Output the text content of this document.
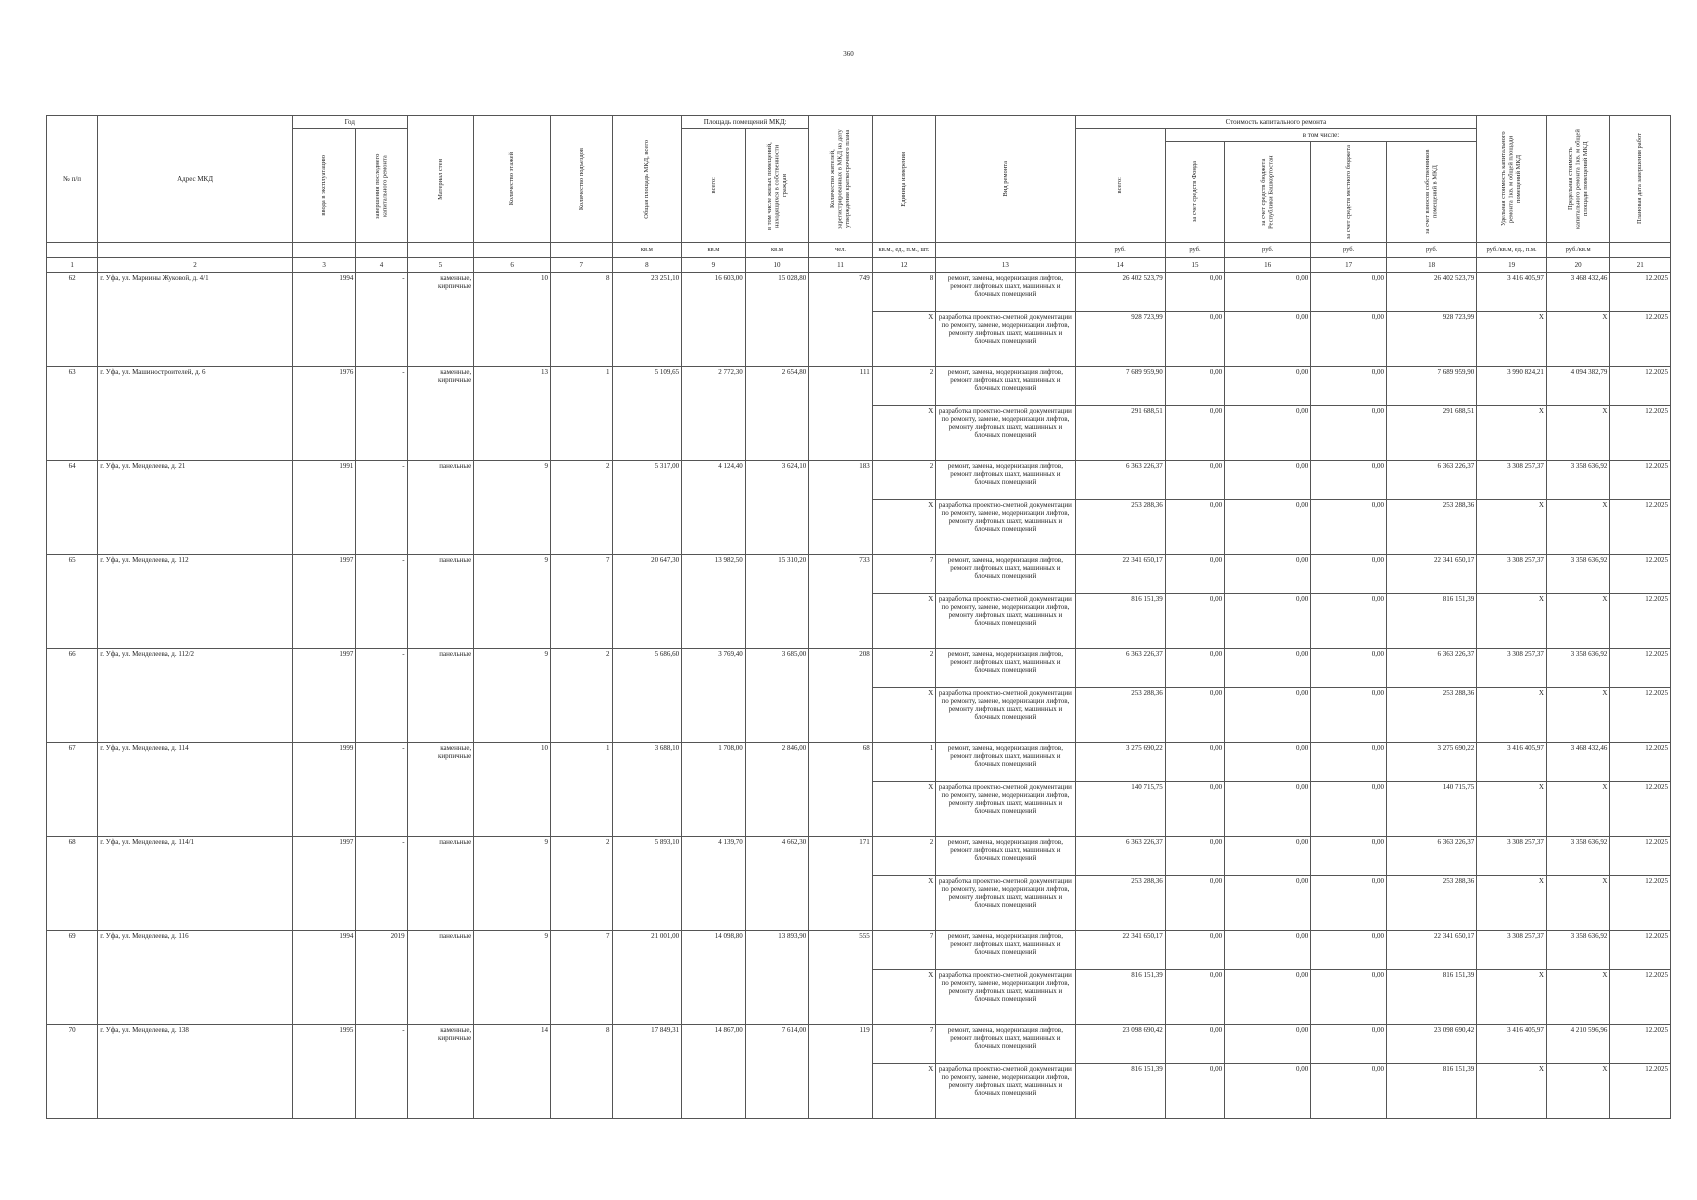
360
№ п/п	Адрес МКД	Год		Материал стен	Количество этажей	Количество подъездов	Общая площадь МКД, всего	Площадь помещений МКД:		Количество жителей, зарегистрированных в МКД на дату утверждения краткосрочного плана	Единица измерения	Вид ремонта	Стоимость капитального ремонта					Удельная стоимость капитального ремонта 1кв. м общей площади помещений МКД	Предельная стоимость капитального ремонта 1кв. м общей площади помещений МКД	Плановая дата завершения работ

		ввода в эксплуатацию	завершения последнего капитального ремонта					всего:	в том числе жилых помещений, находящихся в собственности граждан				всего:	в том числе:						

														за счет средств Фонда	за счет средств бюджета Республики Башкортостан	за счет средств местного бюджета	за счет взносов собственников помещений в МКД			

							кв.м	кв.м	кв.м	чел.	кв.м., ед., п.м., шт.		руб.	руб.	руб.	руб.	руб.	руб./кв.м, ед., п.м.	руб./кв.м	
1	2	3	4	5	6	7	8	9	10	11	12	13	14	15	16	17	18	19	20	21
62	г. Уфа, ул. Мариины Жуковой, д. 4/1	1994	-	каменные, кирпичные	10	8	23 251,10	16 603,00	15 028,80	749	8	ремонт, замена, модернизация лифтов, ремонт лифтовых шахт, машинных и блочных помещений	26 402 523,79	0,00	0,00	0,00	26 402 523,79	3 416 405,97	3 468 432,46	12.2025
											X	разработка проектно-сметной документации по ремонту, замене, модернизации лифтов, ремонту лифтовых шахт, машинных и блочных помещений	928 723,99	0,00	0,00	0,00	928 723,99	X	X	12.2025
63	г. Уфа, ул. Машиностроителей, д. 6	1976	-	каменные, кирпичные	13	1	5 109,65	2 772,30	2 654,80	111	2	ремонт, замена, модернизация лифтов, ремонт лифтовых шахт, машинных и блочных помещений	7 689 959,90	0,00	0,00	0,00	7 689 959,90	3 990 824,21	4 094 382,79	12.2025
											X	разработка проектно-сметной документации по ремонту, замене, модернизации лифтов, ремонту лифтовых шахт, машинных и блочных помещений	291 688,51	0,00	0,00	0,00	291 688,51	X	X	12.2025
64	г. Уфа, ул. Менделеева, д. 21	1991	-	панельные	9	2	5 317,00	4 124,40	3 624,10	183	2	ремонт, замена, модернизация лифтов, ремонт лифтовых шахт, машинных и блочных помещений	6 363 226,37	0,00	0,00	0,00	6 363 226,37	3 308 257,37	3 358 636,92	12.2025
											X	разработка проектно-сметной документации по ремонту, замене, модернизации лифтов, ремонту лифтовых шахт, машинных и блочных помещений	253 288,36	0,00	0,00	0,00	253 288,36	X	X	12.2025
65	г. Уфа, ул. Менделеева, д. 112	1997	-	панельные	9	7	20 647,30	13 982,50	15 310,20	733	7	ремонт, замена, модернизация лифтов, ремонт лифтовых шахт, машинных и блочных помещений	22 341 650,17	0,00	0,00	0,00	22 341 650,17	3 308 257,37	3 358 636,92	12.2025
											X	разработка проектно-сметной документации по ремонту, замене, модернизации лифтов, ремонту лифтовых шахт, машинных и блочных помещений	816 151,39	0,00	0,00	0,00	816 151,39	X	X	12.2025
66	г. Уфа, ул. Менделеева, д. 112/2	1997	-	панельные	9	2	5 686,60	3 769,40	3 685,00	208	2	ремонт, замена, модернизация лифтов, ремонт лифтовых шахт, машинных и блочных помещений	6 363 226,37	0,00	0,00	0,00	6 363 226,37	3 308 257,37	3 358 636,92	12.2025
											X	разработка проектно-сметной документации по ремонту, замене, модернизации лифтов, ремонту лифтовых шахт, машинных и блочных помещений	253 288,36	0,00	0,00	0,00	253 288,36	X	X	12.2025
67	г. Уфа, ул. Менделеева, д. 114	1999	-	каменные, кирпичные	10	1	3 688,10	1 708,00	2 846,00	68	1	ремонт, замена, модернизация лифтов, ремонт лифтовых шахт, машинных и блочных помещений	3 275 690,22	0,00	0,00	0,00	3 275 690,22	3 416 405,97	3 468 432,46	12.2025
											X	разработка проектно-сметной документации по ремонту, замене, модернизации лифтов, ремонту лифтовых шахт, машинных и блочных помещений	140 715,75	0,00	0,00	0,00	140 715,75	X	X	12.2025
68	г. Уфа, ул. Менделеева, д. 114/1	1997	-	панельные	9	2	5 893,10	4 139,70	4 662,30	171	2	ремонт, замена, модернизация лифтов, ремонт лифтовых шахт, машинных и блочных помещений	6 363 226,37	0,00	0,00	0,00	6 363 226,37	3 308 257,37	3 358 636,92	12.2025
											X	разработка проектно-сметной документации по ремонту, замене, модернизации лифтов, ремонту лифтовых шахт, машинных и блочных помещений	253 288,36	0,00	0,00	0,00	253 288,36	X	X	12.2025
69	г. Уфа, ул. Менделеева, д. 116	1994	2019	панельные	9	7	21 001,00	14 098,80	13 893,90	555	7	ремонт, замена, модернизация лифтов, ремонт лифтовых шахт, машинных и блочных помещений	22 341 650,17	0,00	0,00	0,00	22 341 650,17	3 308 257,37	3 358 636,92	12.2025
											X	разработка проектно-сметной документации по ремонту, замене, модернизации лифтов, ремонту лифтовых шахт, машинных и блочных помещений	816 151,39	0,00	0,00	0,00	816 151,39	X	X	12.2025
70	г. Уфа, ул. Менделеева, д. 138	1995	-	каменные, кирпичные	14	8	17 849,31	14 867,00	7 614,00	119	7	ремонт, замена, модернизация лифтов, ремонт лифтовых шахт, машинных и блочных помещений	23 098 690,42	0,00	0,00	0,00	23 098 690,42	3 416 405,97	4 210 596,96	12.2025
											X	разработка проектно-сметной документации по ремонту, замене, модернизации лифтов, ремонту лифтовых шахт, машинных и блочных помещений	816 151,39	0,00	0,00	0,00	816 151,39	X	X	12.2025
